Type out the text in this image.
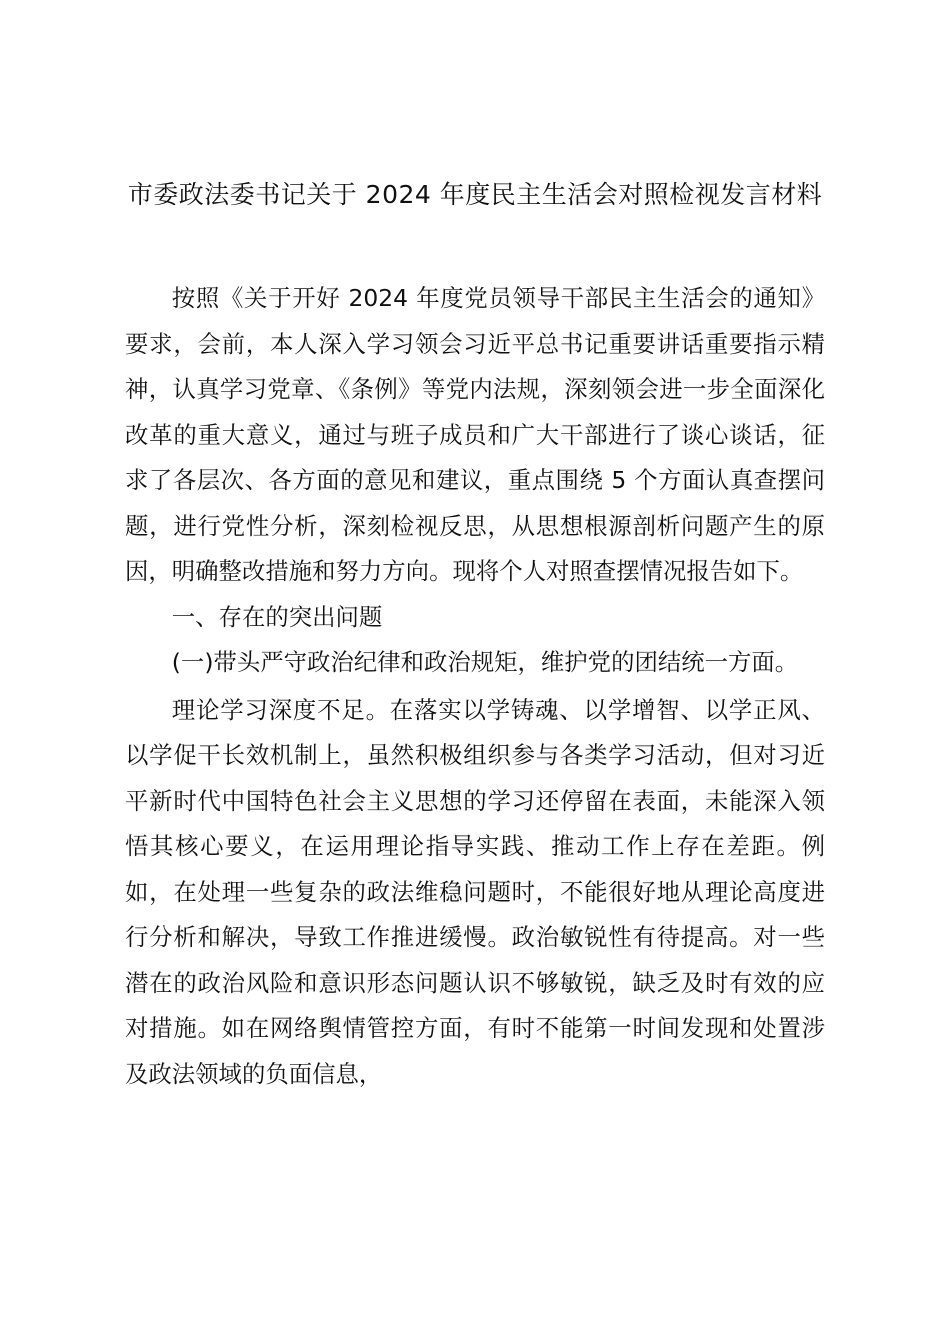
市委政法委书记关于 2024 年度民主生活会对照检视发言材料

按照《关于开好 2024 年度党员领导干部民主生活会的通知》要求，会前，本人深入学习领会习近平总书记重要讲话重要指示精神，认真学习党章、《条例》等党内法规，深刻领会进一步全面深化改革的重大意义，通过与班子成员和广大干部进行了谈心谈话，征求了各层次、各方面的意见和建议，重点围绕 5 个方面认真查摆问题，进行党性分析，深刻检视反思，从思想根源剖析问题产生的原因，明确整改措施和努力方向。现将个人对照查摆情况报告如下。

一、存在的突出问题

(一)带头严守政治纪律和政治规矩，维护党的团结统一方面。

理论学习深度不足。在落实以学铸魂、以学增智、以学正风、以学促干长效机制上，虽然积极组织参与各类学习活动，但对习近平新时代中国特色社会主义思想的学习还停留在表面，未能深入领悟其核心要义，在运用理论指导实践、推动工作上存在差距。例如，在处理一些复杂的政法维稳问题时，不能很好地从理论高度进行分析和解决，导致工作推进缓慢。政治敏锐性有待提高。对一些潜在的政治风险和意识形态问题认识不够敏锐，缺乏及时有效的应对措施。如在网络舆情管控方面，有时不能第一时间发现和处置涉及政法领域的负面信息，
